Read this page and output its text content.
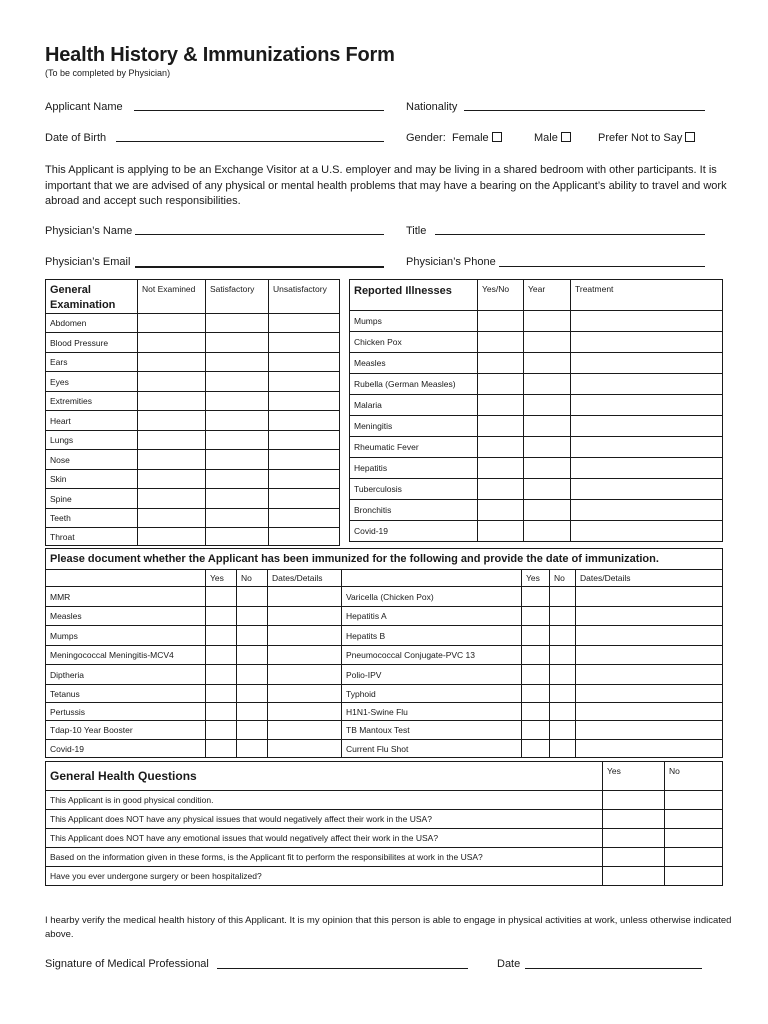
Health History & Immunizations Form
(To be completed by Physician)
Applicant Name	Nationality
Date of Birth	Gender: Female	Male	Prefer Not to Say
This Applicant is applying to be an Exchange Visitor at a U.S. employer and may be living in a shared bedroom with other participants. It is important that we are advised of any physical or mental health problems that may have a bearing on the Applicant’s ability to travel and work abroad and accept such responsibilities.
Physician’s Name	Title
Physician’s Email	Physician’s Phone
General Examination	Not Examined	Satisfactory	Unsatisfactory
Abdomen			
Blood Pressure			
Ears			
Eyes			
Extremities			
Heart			
Lungs			
Nose			
Skin			
Spine			
Teeth			
Throat			
Reported Illnesses	Yes/No	Year	Treatment
Mumps			
Chicken Pox			
Measles			
Rubella (German Measles)			
Malaria			
Meningitis			
Rheumatic Fever			
Hepatitis			
Tuberculosis			
Bronchitis			
Covid-19			
Please document whether the Applicant has been immunized for the following and provide the date of immunization.							
	Yes	No	Dates/Details		Yes	No	Dates/Details
MMR				Varicella (Chicken Pox)			
Measles				Hepatitis A			
Mumps				Hepatits B			
Meningococcal Meningitis-MCV4				Pneumococcal Conjugate-PVC 13			
Diptheria				Polio-IPV			
Tetanus				Typhoid			
Pertussis				H1N1-Swine Flu			
Tdap-10 Year Booster				TB Mantoux Test			
Covid-19				Current Flu Shot			
General Health Questions	Yes	No
This Applicant is in good physical condition.		
This Applicant does NOT have any physical issues that would negatively affect their work in the USA?		
This Applicant does NOT have any emotional issues that would negatively affect their work in the USA?		
Based on the information given in these forms, is the Applicant fit to perform the responsibilites at work in the USA?		
Have you ever undergone surgery or been hospitalized?		
I hearby verify the medical health history of this Applicant. It is my opinion that this person is able to engage in physical activities at work, unless otherwise indicated above.
Signature of Medical Professional	Date
